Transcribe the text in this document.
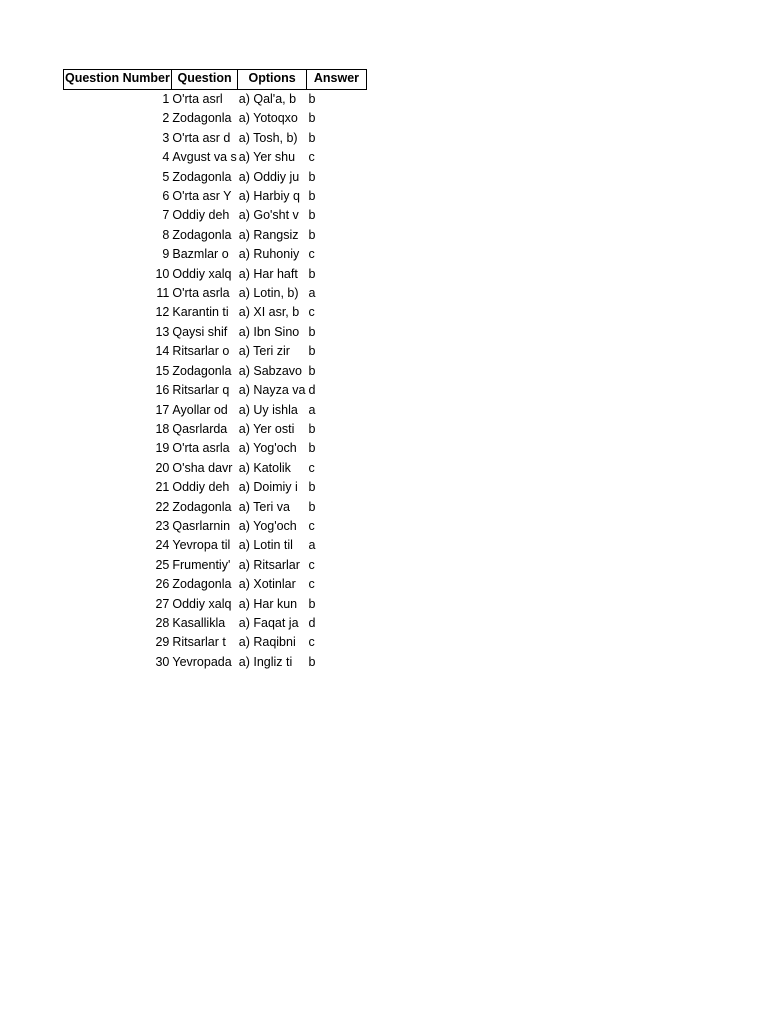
Question Number	Question	Options	Answer
1	O'rta asrl	a) Qal'a, b	b
2	Zodagonla	a) Yotoqxo	b
3	O'rta asr d	a) Tosh, b)	b
4	Avgust va s	a) Yer shu	c
5	Zodagonla	a) Oddiy ju	b
6	O'rta asr Y	a) Harbiy q	b
7	Oddiy deh	a) Go'sht v	b
8	Zodagonla	a) Rangsiz	b
9	Bazmlar o	a) Ruhoniy	c
10	Oddiy xalq	a) Har haft	b
11	O'rta asrla	a) Lotin, b)	a
12	Karantin ti	a) XI asr, b	c
13	Qaysi shif	a) Ibn Sino	b
14	Ritsarlar o	a) Teri zir	b
15	Zodagonla	a) Sabzavo	b
16	Ritsarlar q	a) Nayza va	d
17	Ayollar od	a) Uy ishla	a
18	Qasrlarda	a) Yer osti	b
19	O'rta asrla	a) Yog'och	b
20	O'sha davr	a) Katolik	c
21	Oddiy deh	a) Doimiy i	b
22	Zodagonla	a) Teri va	b
23	Qasrlarnin	a) Yog'och	c
24	Yevropa til	a) Lotin til	a
25	Frumentiy'	a) Ritsarlar	c
26	Zodagonla	a) Xotinlar	c
27	Oddiy xalq	a) Har kun	b
28	Kasallikla	a) Faqat ja	d
29	Ritsarlar t	a) Raqibni	c
30	Yevropada	a) Ingliz ti	b
